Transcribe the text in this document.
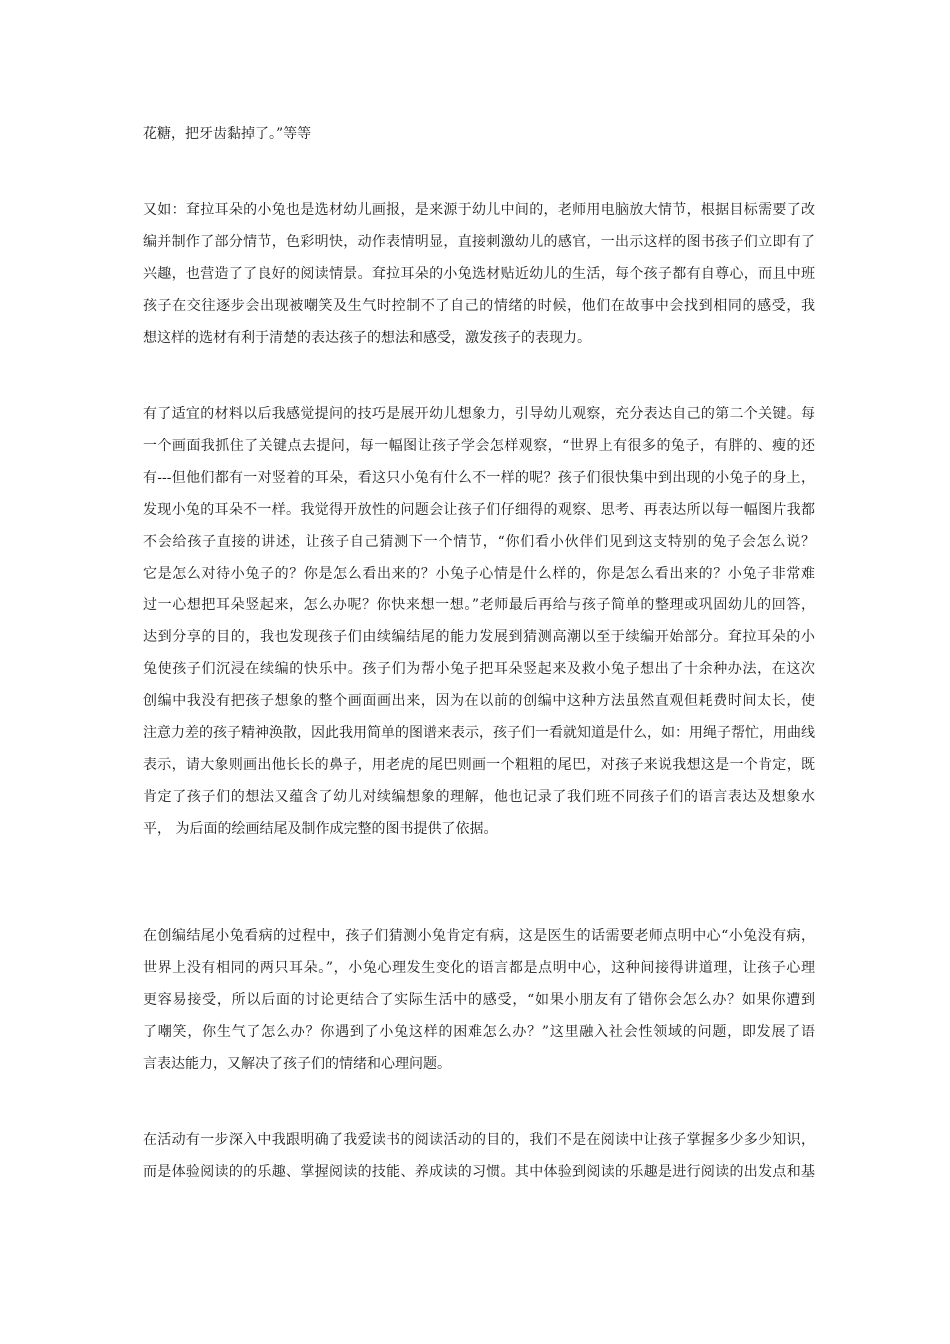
花糖，把牙齿黏掉了。”等等

又如：耷拉耳朵的小兔也是选材幼儿画报，是来源于幼儿中间的，老师用电脑放大情节，根据目标需要了改
编并制作了部分情节，色彩明快，动作表情明显，直接刺激幼儿的感官，一出示这样的图书孩子们立即有了
兴趣，也营造了了良好的阅读情景。耷拉耳朵的小兔选材贴近幼儿的生活，每个孩子都有自尊心，而且中班
孩子在交往逐步会出现被嘲笑及生气时控制不了自己的情绪的时候，他们在故事中会找到相同的感受，我
想这样的选材有利于清楚的表达孩子的想法和感受，激发孩子的表现力。

有了适宜的材料以后我感觉提问的技巧是展开幼儿想象力，引导幼儿观察，充分表达自己的第二个关键。每
一个画面我抓住了关键点去提问，每一幅图让孩子学会怎样观察，“世界上有很多的兔子，有胖的、瘦的还
有---但他们都有一对竖着的耳朵，看这只小兔有什么不一样的呢？孩子们很快集中到出现的小兔子的身上，
发现小兔的耳朵不一样。我觉得开放性的问题会让孩子们仔细得的观察、思考、再表达所以每一幅图片我都
不会给孩子直接的讲述，让孩子自己猜测下一个情节，“你们看小伙伴们见到这支特别的兔子会怎么说？
它是怎么对待小兔子的？你是怎么看出来的？小兔子心情是什么样的，你是怎么看出来的？小兔子非常难
过一心想把耳朵竖起来，怎么办呢？你快来想一想。”老师最后再给与孩子简单的整理或巩固幼儿的回答，
达到分享的目的，我也发现孩子们由续编结尾的能力发展到猜测高潮以至于续编开始部分。耷拉耳朵的小
兔使孩子们沉浸在续编的快乐中。孩子们为帮小兔子把耳朵竖起来及救小兔子想出了十余种办法，在这次
创编中我没有把孩子想象的整个画面画出来，因为在以前的创编中这种方法虽然直观但耗费时间太长，使
注意力差的孩子精神涣散，因此我用简单的图谱来表示，孩子们一看就知道是什么，如：用绳子帮忙，用曲线
表示，请大象则画出他长长的鼻子，用老虎的尾巴则画一个粗粗的尾巴，对孩子来说我想这是一个肯定，既
肯定了孩子们的想法又蕴含了幼儿对续编想象的理解，他也记录了我们班不同孩子们的语言表达及想象水
平， 为后面的绘画结尾及制作成完整的图书提供了依据。

在创编结尾小兔看病的过程中，孩子们猜测小兔肯定有病，这是医生的话需要老师点明中心“小兔没有病，
世界上没有相同的两只耳朵。”，小兔心理发生变化的语言都是点明中心，这种间接得讲道理，让孩子心理
更容易接受，所以后面的讨论更结合了实际生活中的感受，“如果小朋友有了错你会怎么办？如果你遭到
了嘲笑，你生气了怎么办？你遇到了小兔这样的困难怎么办？”这里融入社会性领域的问题，即发展了语
言表达能力，又解决了孩子们的情绪和心理问题。

在活动有一步深入中我跟明确了我爱读书的阅读活动的目的，我们不是在阅读中让孩子掌握多少多少知识，
而是体验阅读的的乐趣、掌握阅读的技能、养成读的习惯。其中体验到阅读的乐趣是进行阅读的出发点和基
